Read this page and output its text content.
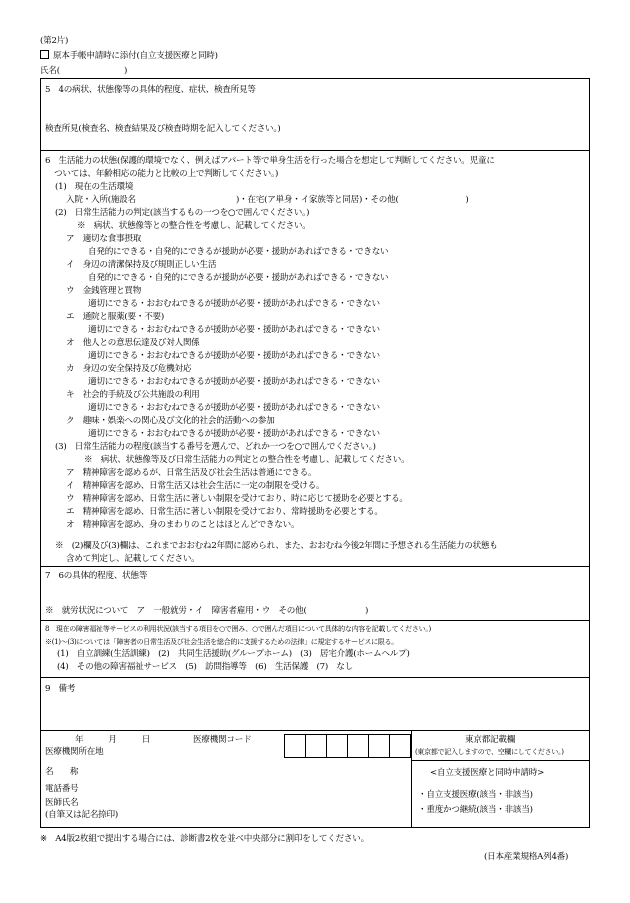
(第2片)
原本手帳申請時に添付(自立支援医療と同時)
氏名(	)
5　4の病状、状態像等の具体的程度、症状、検査所見等
検査所見(検査名、検査結果及び検査時期を記入してください。)
6　生活能力の状態(保護的環境でなく、例えばアパート等で単身生活を行った場合を想定して判断してください。児童に
ついては、年齢相応の能力と比較の上で判断してください。)
(1)　現在の生活環境
入院・入所(施設名　　　　　　　　　　　　)・在宅(ア単身・イ家族等と同居)・その他(　　　　　　　　)
(2)　日常生活能力の判定(該当するもの一つを○で囲んでください。)
※　病状、状態像等との整合性を考慮し、記載してください。
ア　適切な食事摂取
自発的にできる・自発的にできるが援助が必要・援助があればできる・できない
イ　身辺の清潔保持及び規則正しい生活
自発的にできる・自発的にできるが援助が必要・援助があればできる・できない
ウ　金銭管理と買物
適切にできる・おおむねできるが援助が必要・援助があればできる・できない
エ　通院と服薬(要・不要)
適切にできる・おおむねできるが援助が必要・援助があればできる・できない
オ　他人との意思伝達及び対人関係
適切にできる・おおむねできるが援助が必要・援助があればできる・できない
カ　身辺の安全保持及び危機対応
適切にできる・おおむねできるが援助が必要・援助があればできる・できない
キ　社会的手続及び公共施設の利用
適切にできる・おおむねできるが援助が必要・援助があればできる・できない
ク　趣味・娯楽への関心及び文化的社会的活動への参加
適切にできる・おおむねできるが援助が必要・援助があればできる・できない
(3)　日常生活能力の程度(該当する番号を選んで、どれか一つを○で囲んでください。)
※　病状、状態像等及び日常生活能力の判定との整合性を考慮し、記載してください。
ア　精神障害を認めるが、日常生活及び社会生活は普通にできる。
イ　精神障害を認め、日常生活又は社会生活に一定の制限を受ける。
ウ　精神障害を認め、日常生活に著しい制限を受けており、時に応じて援助を必要とする。
エ　精神障害を認め、日常生活に著しい制限を受けており、常時援助を必要とする。
オ　精神障害を認め、身のまわりのことはほとんどできない。
※　(2)欄及び(3)欄は、これまでおおむね2年間に認められ、また、おおむね今後2年間に予想される生活能力の状態も
含めて判定し、記載してください。
7　6の具体的程度、状態等
※　就労状況について　ア　一般就労・イ　障害者雇用・ウ　その他(　　　　　　　)
8　現在の障害福祉等サービスの利用状況(該当する項目を○で囲み、○で囲んだ項目について具体的な内容を記載してください。)
※(1)～(3)については「障害者の日常生活及び社会生活を総合的に支援するための法律」に規定するサービスに限る。
(1)　自立訓練(生活訓練)　(2)　共同生活援助(グループホーム)　(3)　居宅介護(ホームヘルプ)
(4)　その他の障害福祉サービス　(5)　訪問指導等　(6)　生活保護　(7)　なし
9　備考
年　　　月　　　日	医療機関コード
医療機関所在地
名　　称
電話番号
医師氏名
(自筆又は記名捺印)
東京都記載欄
(東京都で記入しますので、空欄にしてください。)
<自立支援医療と同時申請時>
・自立支援医療(該当・非該当)
・重度かつ継続(該当・非該当)
※　A4版2枚組で提出する場合には、診断書2枚を並べ中央部分に割印をしてください。
(日本産業規格A列4番)
